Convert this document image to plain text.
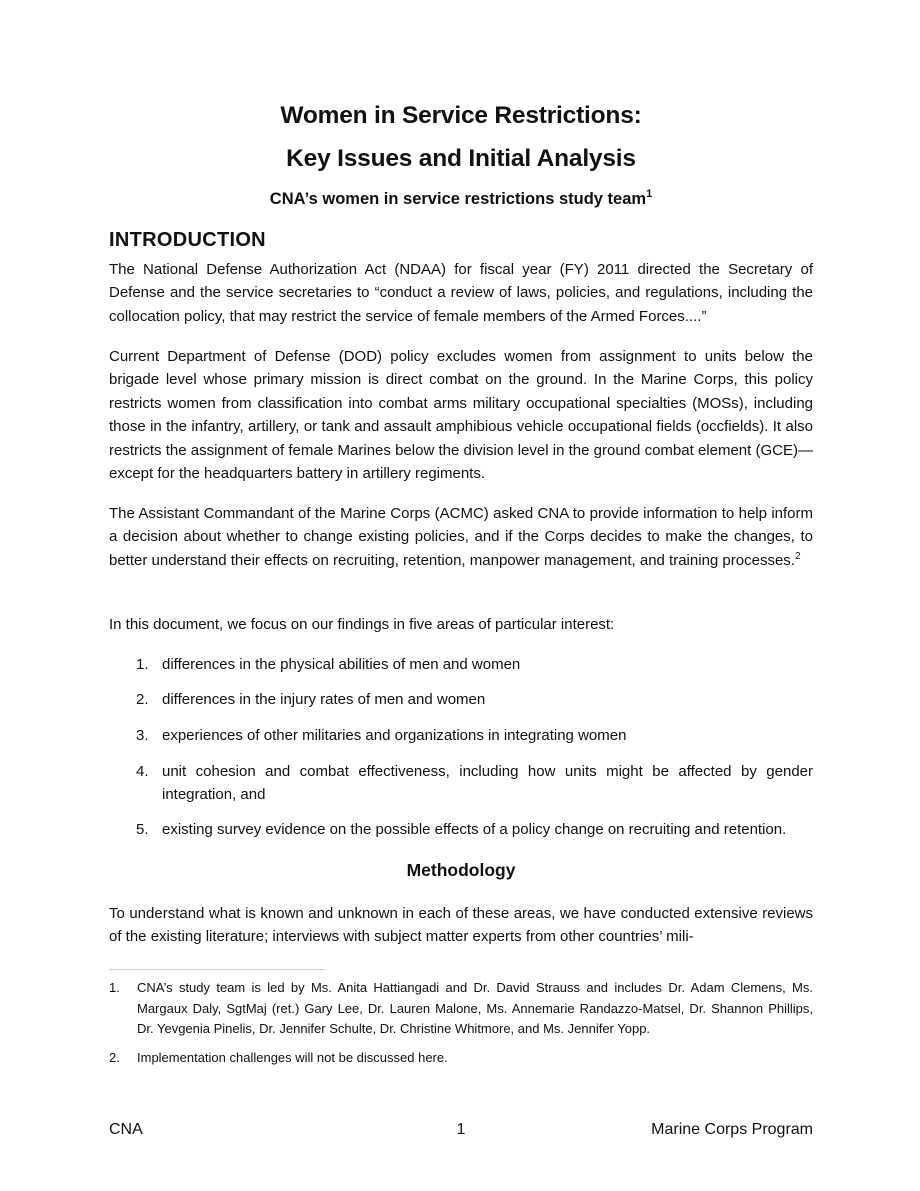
Women in Service Restrictions:
Key Issues and Initial Analysis
CNA’s women in service restrictions study team$^1$
INTRODUCTION
The National Defense Authorization Act (NDAA) for fiscal year (FY) 2011 directed the Secretary of Defense and the service secretaries to “conduct a review of laws, policies, and regulations, including the collocation policy, that may restrict the service of female members of the Armed Forces....”
Current Department of Defense (DOD) policy excludes women from assignment to units below the brigade level whose primary mission is direct combat on the ground. In the Marine Corps, this policy restricts women from classification into combat arms military occupational specialties (MOSs), including those in the infantry, artillery, or tank and assault amphibious vehicle occupational fields (occfields). It also restricts the assignment of female Marines below the division level in the ground combat element (GCE)—except for the headquarters battery in artillery regiments.
The Assistant Commandant of the Marine Corps (ACMC) asked CNA to provide information to help inform a decision about whether to change existing policies, and if the Corps decides to make the changes, to better understand their effects on recruiting, retention, manpower management, and training processes.$^2$
In this document, we focus on our findings in five areas of particular interest:
1. differences in the physical abilities of men and women
2. differences in the injury rates of men and women
3. experiences of other militaries and organizations in integrating women
4. unit cohesion and combat effectiveness, including how units might be affected by gender integration, and
5. existing survey evidence on the possible effects of a policy change on recruiting and retention.
Methodology
To understand what is known and unknown in each of these areas, we have conducted extensive reviews of the existing literature; interviews with subject matter experts from other countries’ mili-
1. CNA’s study team is led by Ms. Anita Hattiangadi and Dr. David Strauss and includes Dr. Adam Clemens, Ms. Margaux Daly, SgtMaj (ret.) Gary Lee, Dr. Lauren Malone, Ms. Annemarie Randazzo-Matsel, Dr. Shannon Phillips, Dr. Yevgenia Pinelis, Dr. Jennifer Schulte, Dr. Christine Whitmore, and Ms. Jennifer Yopp.
2. Implementation challenges will not be discussed here.
CNA	1	Marine Corps Program
